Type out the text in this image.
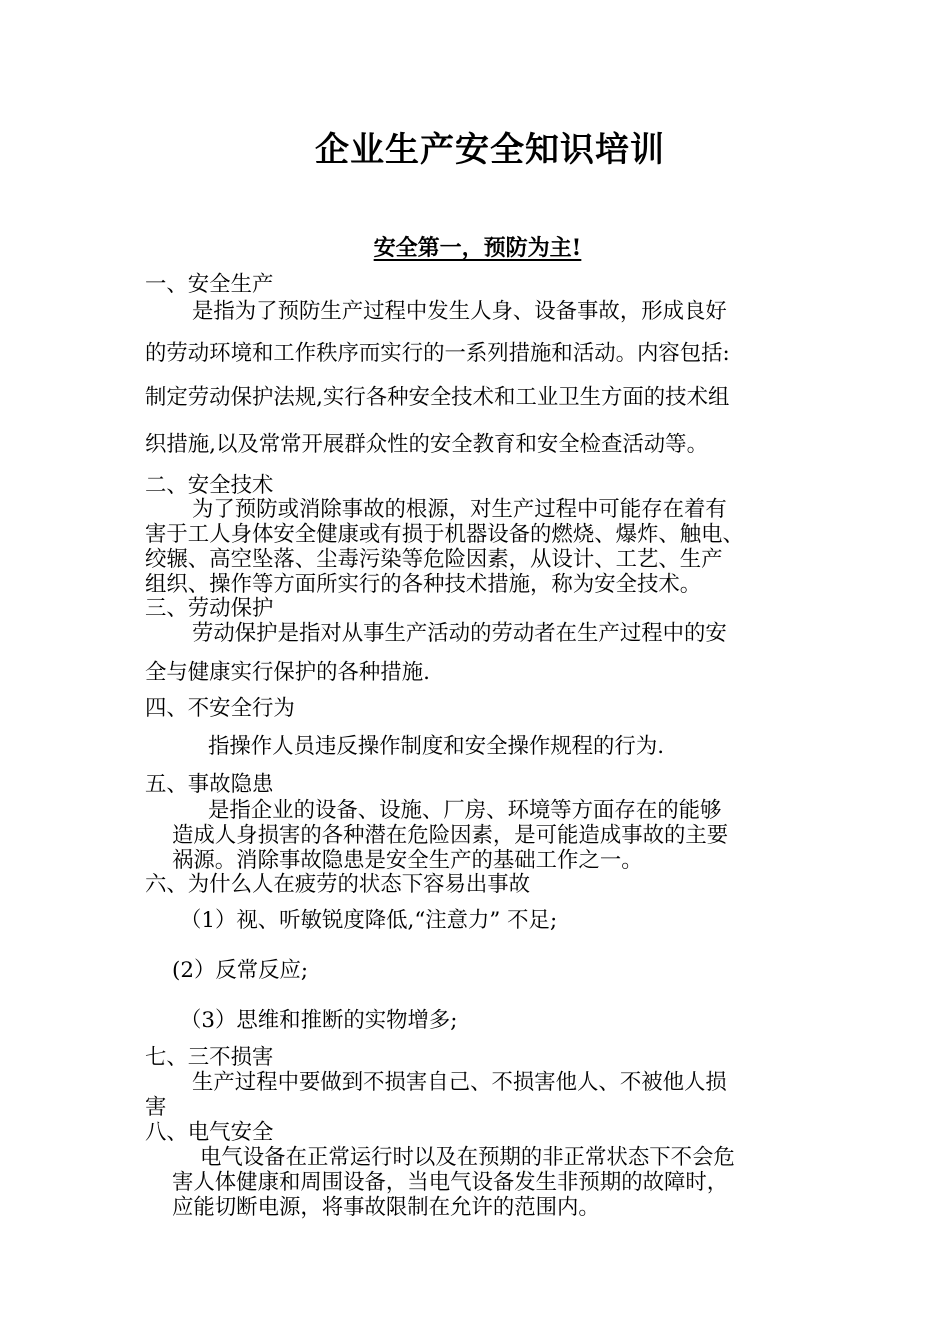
企业生产安全知识培训
安全第一，预防为主!
一、安全生产
是指为了预防生产过程中发生人身、设备事故，形成良好
的劳动环境和工作秩序而实行的一系列措施和活动。内容包括:
制定劳动保护法规,实行各种安全技术和工业卫生方面的技术组
织措施,以及常常开展群众性的安全教育和安全检查活动等。
二、安全技术
为了预防或消除事故的根源，对生产过程中可能存在着有
害于工人身体安全健康或有损于机器设备的燃烧、爆炸、触电、
绞辗、高空坠落、尘毒污染等危险因素，从设计、工艺、生产
组织、操作等方面所实行的各种技术措施，称为安全技术。
三、劳动保护
劳动保护是指对从事生产活动的劳动者在生产过程中的安
全与健康实行保护的各种措施.
四、不安全行为
指操作人员违反操作制度和安全操作规程的行为.
五、事故隐患
是指企业的设备、设施、厂房、环境等方面存在的能够
造成人身损害的各种潜在危险因素，是可能造成事故的主要
祸源。消除事故隐患是安全生产的基础工作之一。
六、为什么人在疲劳的状态下容易出事故
（1）视、听敏锐度降低,“注意力” 不足;
(2）反常反应;
（3）思维和推断的实物增多;
七、三不损害
生产过程中要做到不损害自己、不损害他人、不被他人损
害
八、电气安全
电气设备在正常运行时以及在预期的非正常状态下不会危
害人体健康和周围设备，当电气设备发生非预期的故障时，
应能切断电源，将事故限制在允许的范围内。
